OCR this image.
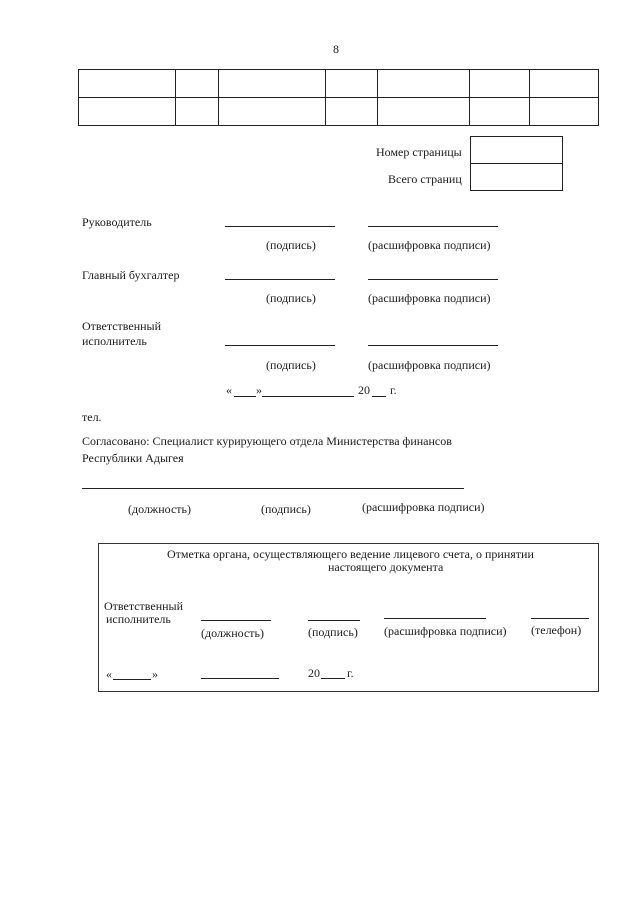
8

Номер страницы
Всего страниц
Руководитель
(подпись)	(расшифровка подписи)
Главный бухгалтер
(подпись)	(расшифровка подписи)
Ответственный
исполнитель
(подпись)	(расшифровка подписи)
« »	20 г.
тел.
Согласовано: Специалист курирующего отдела Министерства финансов
Республики Адыгея
(должность)	(подпись)	(расшифровка подписи)
Отметка органа, осуществляющего ведение лицевого счета, о принятии
настоящего документа
Ответственный
исполнитель
(должность)	(подпись) (расшифровка подписи) (телефон)
«	»	20 г.
